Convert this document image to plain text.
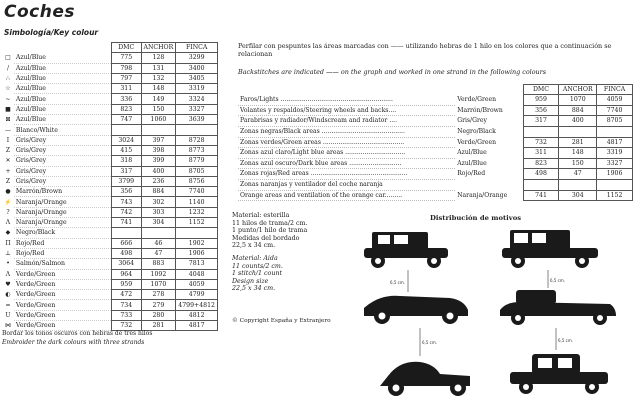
Coches
Simbología/Key colour
		DMC	ANCHOR	FINCA
□	Azul/Blue	775	128	3299
/	Azul/Blue	798	131	3400
∴	Azul/Blue	797	132	3405
☆	Azul/Blue	311	148	3319
~	Azul/Blue	336	149	3324
■	Azul/Blue	823	150	3327
⊠	Azul/Blue	747	1060	3639
—	Blanco/White			
I	Gris/Grey	3024	397	8728
Z	Gris/Grey	415	398	8773
✕	Gris/Grey	318	399	8779
+	Gris/Grey	317	400	8705
Z	Gris/Grey	3799	236	8756
●	Marrón/Brown	356	884	7740
⚡	Naranja/Orange	743	302	1140
?	Naranja/Orange	742	303	1232
Λ	Naranja/Orange	741	304	1152
◆	Negro/Black			
Π	Rojo/Red	666	46	1902
⊥	Rojo/Red	498	47	1906
•	Salmón/Salmon	3064	883	7813
Λ	Verde/Green	964	1092	4048
♥	Verde/Green	959	1070	4059
◐	Verde/Green	472	278	4799
=	Verde/Green	734	279	4799+4812
U	Verde/Green	733	280	4812
⋈	Verde/Green	732	281	4817
Bordar los tonos oscuros con hebras de tres hilos
Embroider the dark colours with three strands
Perfilar con pespuntes las áreas marcadas con —— utilizando hebras de 1 hilo en los colores que a continuación se relacionan
Backstitches are indicated —— on the graph and worked in one strand in the following colours
		DMC	ANCHOR	FINCA
Faros/Lights ..........................................................	Verde/Green	959	1070	4059
Volantes y respaldos/Steering wheels and backs....	Marrón/Brown	356	884	7740
Parabrisas y radiador/Windscream and radiator ....	Gris/Grey	317	400	8705
Zonas negras/Black areas ...........................................	Negro/Black			
Zonas verdes/Green areas ..........................................	Verde/Green	732	281	4817
Zonas azul claro/Light blue areas ...............................	Azul/Blue	311	148	3319
Zonas azul oscuro/Dark blue areas ...........................	Azul/Blue	823	150	3327
Zonas rojas/Red areas ..................................................	Rojo/Red	498	47	1906
Zonas naranjas y ventilador del coche naranja				
Orange areas and ventilation of the orange car.........	Naranja/Orange	741	304	1152
Material: esterilla
11 hilos de trama/2 cm.
1 punto/1 hilo de trama
Medidas del bordado
22,5 x 34 cm.
Material: Aida
11 counts/2 cm.
1 stitch/1 count
Design size
22,5 x 34 cm.
© Copyright España y Extranjero
Distribución de motivos
6,5 cm.	6,5 cm.
6,5 cm.	6,5 cm.
